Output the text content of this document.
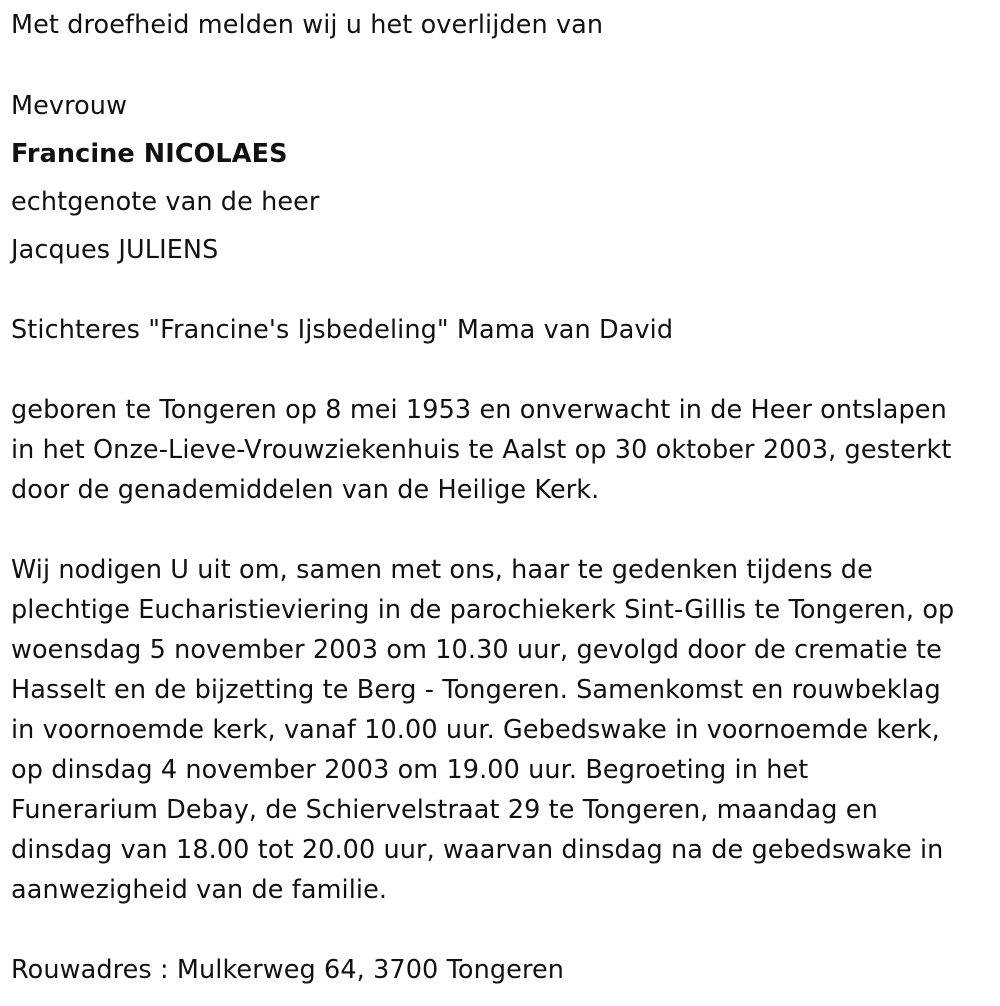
Met droefheid melden wij u het overlijden van
Mevrouw
Francine NICOLAES
echtgenote van de heer
Jacques JULIENS
Stichteres "Francine's Ijsbedeling" Mama van David
geboren te Tongeren op 8 mei 1953 en onverwacht in de Heer ontslapen
in het Onze-Lieve-Vrouwziekenhuis te Aalst op 30 oktober 2003, gesterkt
door de genademiddelen van de Heilige Kerk.
Wij nodigen U uit om, samen met ons, haar te gedenken tijdens de
plechtige Eucharistieviering in de parochiekerk Sint-Gillis te Tongeren, op
woensdag 5 november 2003 om 10.30 uur, gevolgd door de crematie te
Hasselt en de bijzetting te Berg - Tongeren. Samenkomst en rouwbeklag
in voornoemde kerk, vanaf 10.00 uur. Gebedswake in voornoemde kerk,
op dinsdag 4 november 2003 om 19.00 uur. Begroeting in het
Funerarium Debay, de Schiervelstraat 29 te Tongeren, maandag en
dinsdag van 18.00 tot 20.00 uur, waarvan dinsdag na de gebedswake in
aanwezigheid van de familie.
Rouwadres : Mulkerweg 64, 3700 Tongeren
